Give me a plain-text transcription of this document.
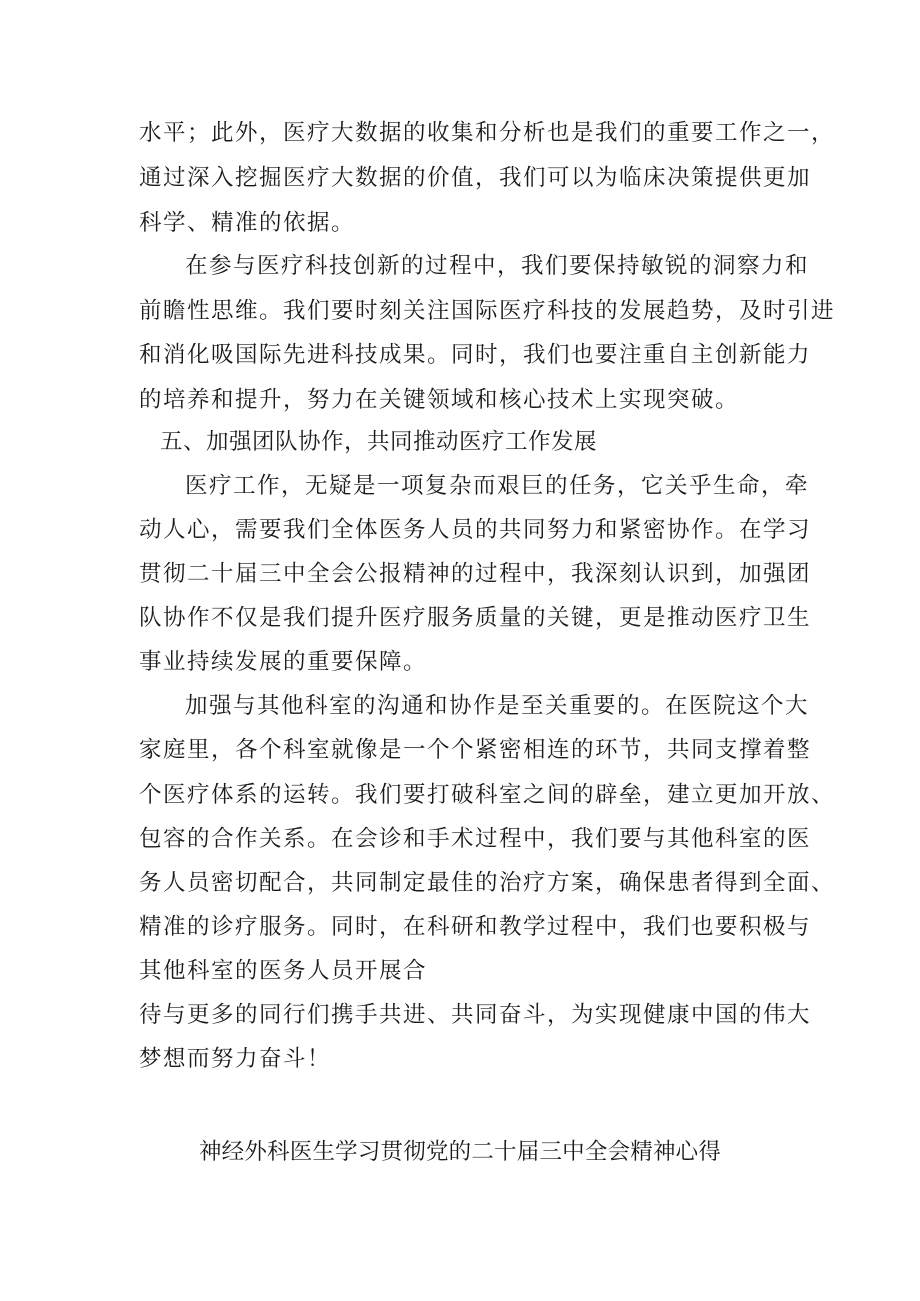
水平；此外，医疗大数据的收集和分析也是我们的重要工作之一，
通过深入挖掘医疗大数据的价值，我们可以为临床决策提供更加
科学、精准的依据。
在参与医疗科技创新的过程中，我们要保持敏锐的洞察力和
前瞻性思维。我们要时刻关注国际医疗科技的发展趋势，及时引进
和消化吸国际先进科技成果。同时，我们也要注重自主创新能力
的培养和提升，努力在关键领域和核心技术上实现突破。
五、加强团队协作，共同推动医疗工作发展
医疗工作，无疑是一项复杂而艰巨的任务，它关乎生命，牵
动人心，需要我们全体医务人员的共同努力和紧密协作。在学习
贯彻二十届三中全会公报精神的过程中，我深刻认识到，加强团
队协作不仅是我们提升医疗服务质量的关键，更是推动医疗卫生
事业持续发展的重要保障。
加强与其他科室的沟通和协作是至关重要的。在医院这个大
家庭里，各个科室就像是一个个紧密相连的环节，共同支撑着整
个医疗体系的运转。我们要打破科室之间的辟垒，建立更加开放、
包容的合作关系。在会诊和手术过程中，我们要与其他科室的医
务人员密切配合，共同制定最佳的治疗方案，确保患者得到全面、
精准的诊疗服务。同时，在科研和教学过程中，我们也要积极与
其他科室的医务人员开展合
待与更多的同行们携手共进、共同奋斗，为实现健康中国的伟大
梦想而努力奋斗！
神经外科医生学习贯彻党的二十届三中全会精神心得
